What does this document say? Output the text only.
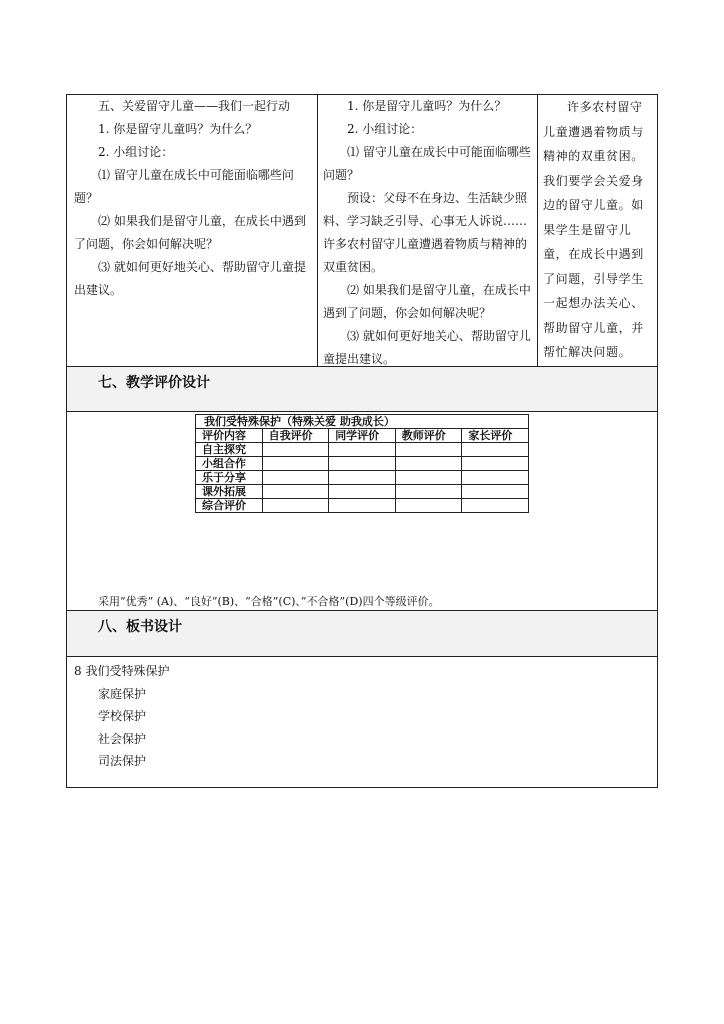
五、关爱留守儿童——我们一起行动

1. 你是留守儿童吗？为什么？

2. 小组讨论：

⑴ 留守儿童在成长中可能面临哪些问题？

⑵ 如果我们是留守儿童，在成长中遇到了问题，你会如何解决呢？

⑶ 就如何更好地关心、帮助留守儿童提出建议。

1. 你是留守儿童吗？为什么？

2. 小组讨论：

⑴ 留守儿童在成长中可能面临哪些问题？

预设：父母不在身边、生活缺少照料、学习缺乏引导、心事无人诉说……许多农村留守儿童遭遇着物质与精神的双重贫困。

⑵ 如果我们是留守儿童，在成长中遇到了问题，你会如何解决呢？

⑶ 就如何更好地关心、帮助留守儿童提出建议。

许多农村留守儿童遭遇着物质与精神的双重贫困。我们要学会关爱身边的留守儿童。如果学生是留守儿童，在成长中遇到了问题，引导学生一起想办法关心、帮助留守儿童，并帮忙解决问题。

七、教学评价设计
我们受特殊保护（特殊关爱 助我成长）				
评价内容	自我评价	同学评价	教师评价	家长评价
自主探究				
小组合作				
乐于分享				
课外拓展				
综合评价				
采用”优秀” (A)、“良好”(B)、“合格”(C)、”不合格”(D)四个等级评价。
八、板书设计

8 我们受特殊保护

家庭保护

学校保护

社会保护

司法保护
